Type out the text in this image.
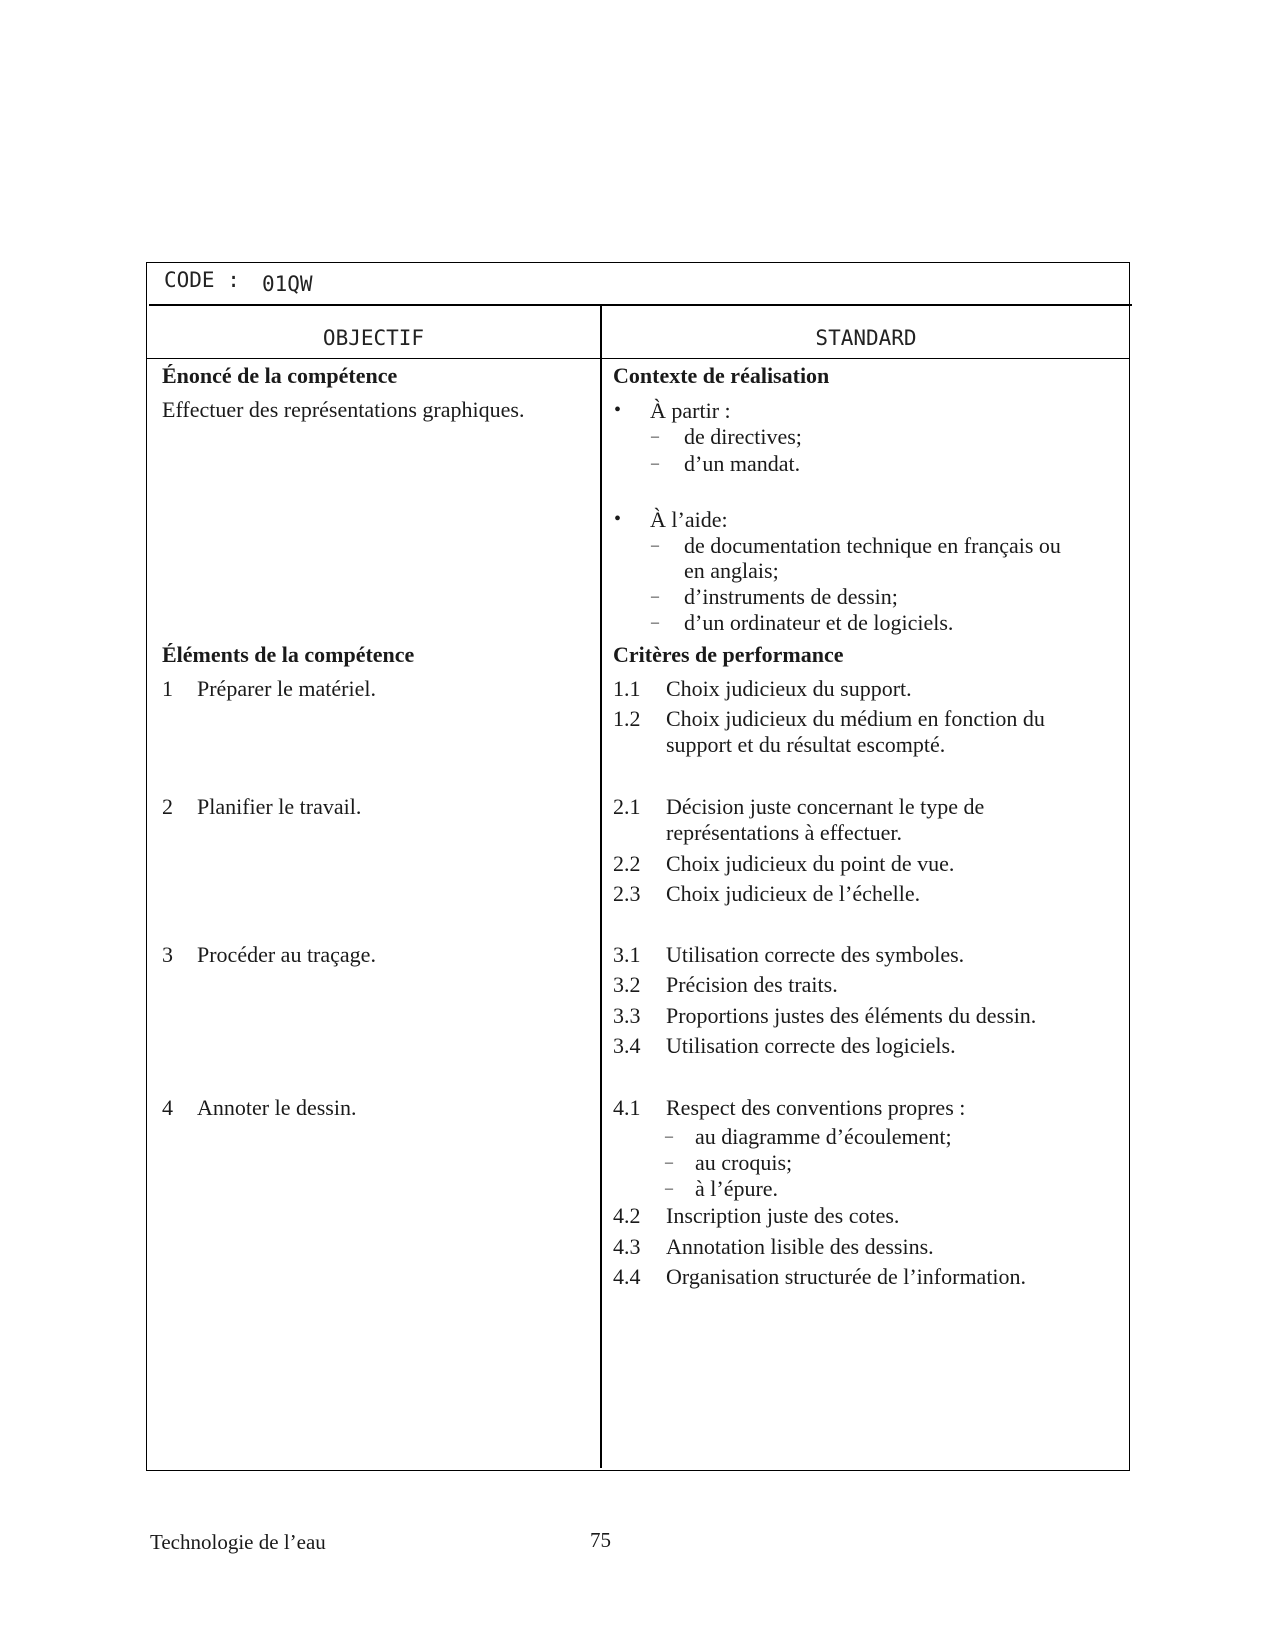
CODE : 01QW
OBJECTIF	STANDARD
Énoncé de la compétence
Effectuer des représentations graphiques.
Éléments de la compétence
1 Préparer le matériel.
2 Planifier le travail.
3 Procéder au traçage.
4 Annoter le dessin.
Contexte de réalisation
• À partir :
– de directives;
– d’un mandat.
• À l’aide:
– de documentation technique en français ou
en anglais;
– d’instruments de dessin;
– d’un ordinateur et de logiciels.
Critères de performance
1.1 Choix judicieux du support.
1.2 Choix judicieux du médium en fonction du
support et du résultat escompté.
2.1 Décision juste concernant le type de
représentations à effectuer.
2.2 Choix judicieux du point de vue.
2.3 Choix judicieux de l’échelle.
3.1 Utilisation correcte des symboles.
3.2 Précision des traits.
3.3 Proportions justes des éléments du dessin.
3.4 Utilisation correcte des logiciels.
4.1 Respect des conventions propres :
– au diagramme d’écoulement;
– au croquis;
– à l’épure.
4.2 Inscription juste des cotes.
4.3 Annotation lisible des dessins.
4.4 Organisation structurée de l’information.
Technologie de l’eau	75
